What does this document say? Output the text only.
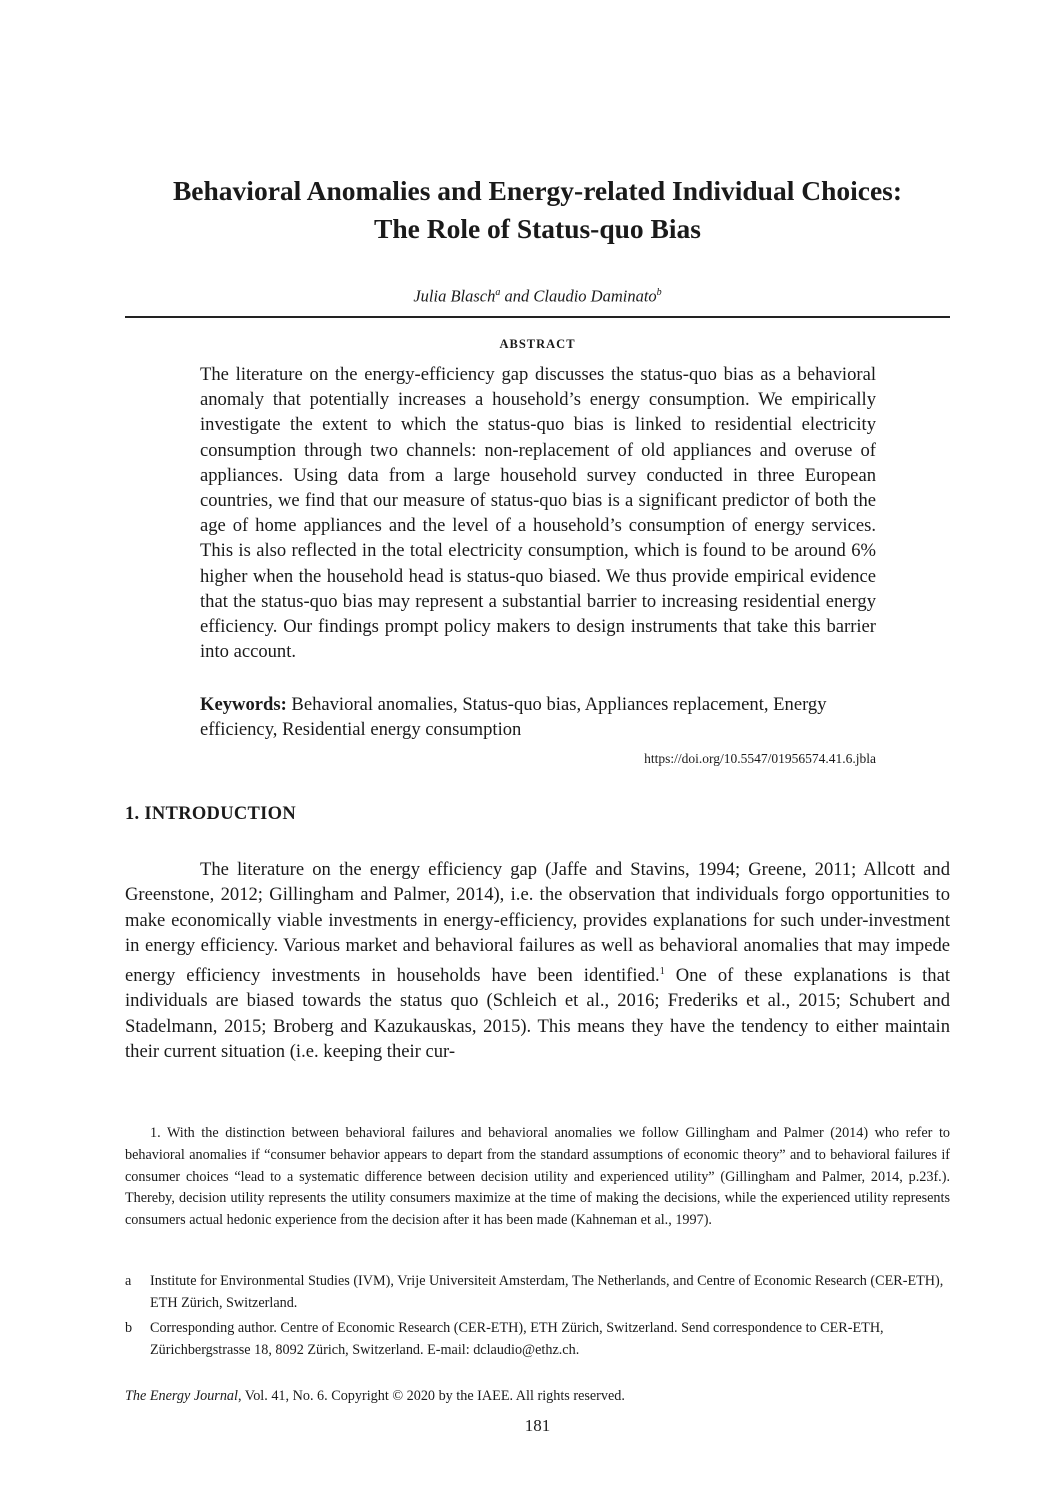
Behavioral Anomalies and Energy-related Individual Choices:
The Role of Status-quo Bias
Julia Blasch$^a$ and Claudio Daminato$^b$
ABSTRACT
The literature on the energy-efficiency gap discusses the status-quo bias as a behavioral anomaly that potentially increases a household’s energy consumption. We empirically investigate the extent to which the status-quo bias is linked to residential electricity consumption through two channels: non-replacement of old appliances and overuse of appliances. Using data from a large household survey conducted in three European countries, we find that our measure of status-quo bias is a significant predictor of both the age of home appliances and the level of a household’s consumption of energy services. This is also reflected in the total electricity consumption, which is found to be around 6% higher when the household head is status-quo biased. We thus provide empirical evidence that the status-quo bias may represent a substantial barrier to increasing residential energy efficiency. Our findings prompt policy makers to design instruments that take this barrier into account.
Keywords: Behavioral anomalies, Status-quo bias, Appliances replacement, Energy efficiency, Residential energy consumption
https://doi.org/10.5547/01956574.41.6.jbla
1. INTRODUCTION
The literature on the energy efficiency gap (Jaffe and Stavins, 1994; Greene, 2011; Allcott and Greenstone, 2012; Gillingham and Palmer, 2014), i.e. the observation that individuals forgo opportunities to make economically viable investments in energy-efficiency, provides explanations for such under-investment in energy efficiency. Various market and behavioral failures as well as behavioral anomalies that may impede energy efficiency investments in households have been identified.$^1$ One of these explanations is that individuals are biased towards the status quo (Schleich et al., 2016; Frederiks et al., 2015; Schubert and Stadelmann, 2015; Broberg and Kazukauskas, 2015). This means they have the tendency to either maintain their current situation (i.e. keeping their cur-
1. With the distinction between behavioral failures and behavioral anomalies we follow Gillingham and Palmer (2014) who refer to behavioral anomalies if “consumer behavior appears to depart from the standard assumptions of economic theory” and to behavioral failures if consumer choices “lead to a systematic difference between decision utility and experienced utility” (Gillingham and Palmer, 2014, p.23f.). Thereby, decision utility represents the utility consumers maximize at the time of making the decisions, while the experienced utility represents consumers actual hedonic experience from the decision after it has been made (Kahneman et al., 1997).
a Institute for Environmental Studies (IVM), Vrije Universiteit Amsterdam, The Netherlands, and Centre of Economic Research (CER-ETH), ETH Zürich, Switzerland.
b Corresponding author. Centre of Economic Research (CER-ETH), ETH Zürich, Switzerland. Send correspondence to CER-ETH, Zürichbergstrasse 18, 8092 Zürich, Switzerland. E-mail: dclaudio@ethz.ch.
The Energy Journal, Vol. 41, No. 6. Copyright © 2020 by the IAEE. All rights reserved.
181
